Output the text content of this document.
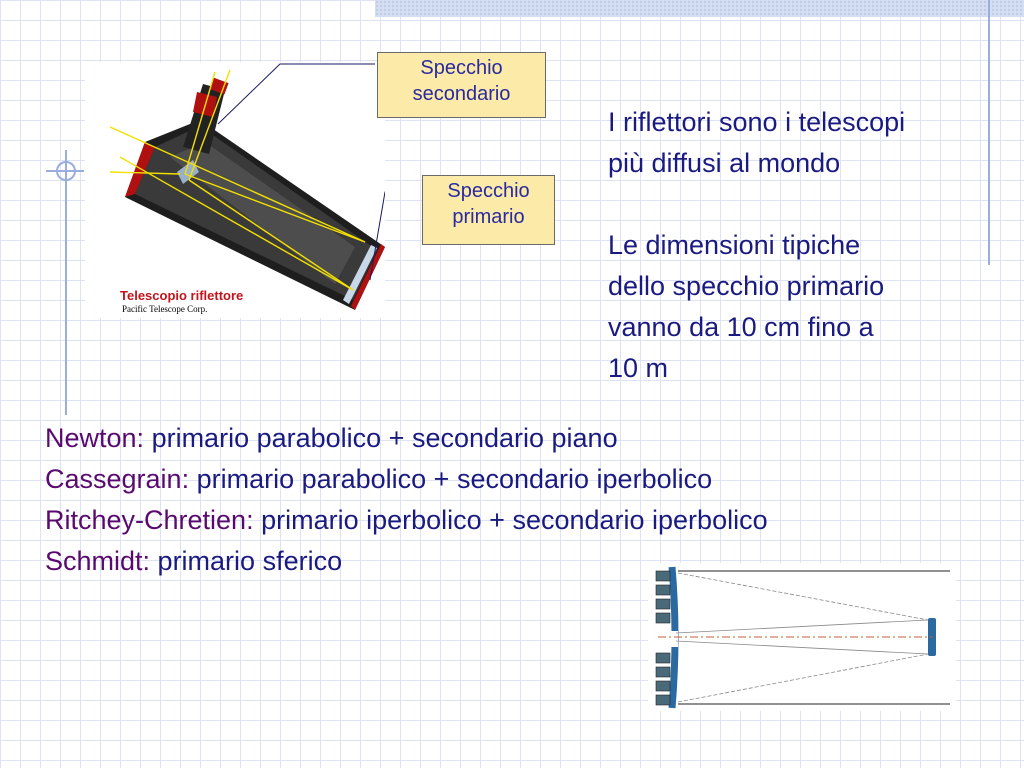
Telescopio riflettore
Pacific Telescope Corp.
Specchio
secondario
Specchio
primario

I riflettori sono i telescopi

più diffusi al mondo

Le dimensioni tipiche

dello specchio primario

vanno da 10 cm fino a

10 m

Newton: primario parabolico + secondario piano
Cassegrain: primario parabolico + secondario iperbolico
Ritchey-Chretien: primario iperbolico + secondario iperbolico
Schmidt: primario sferico
